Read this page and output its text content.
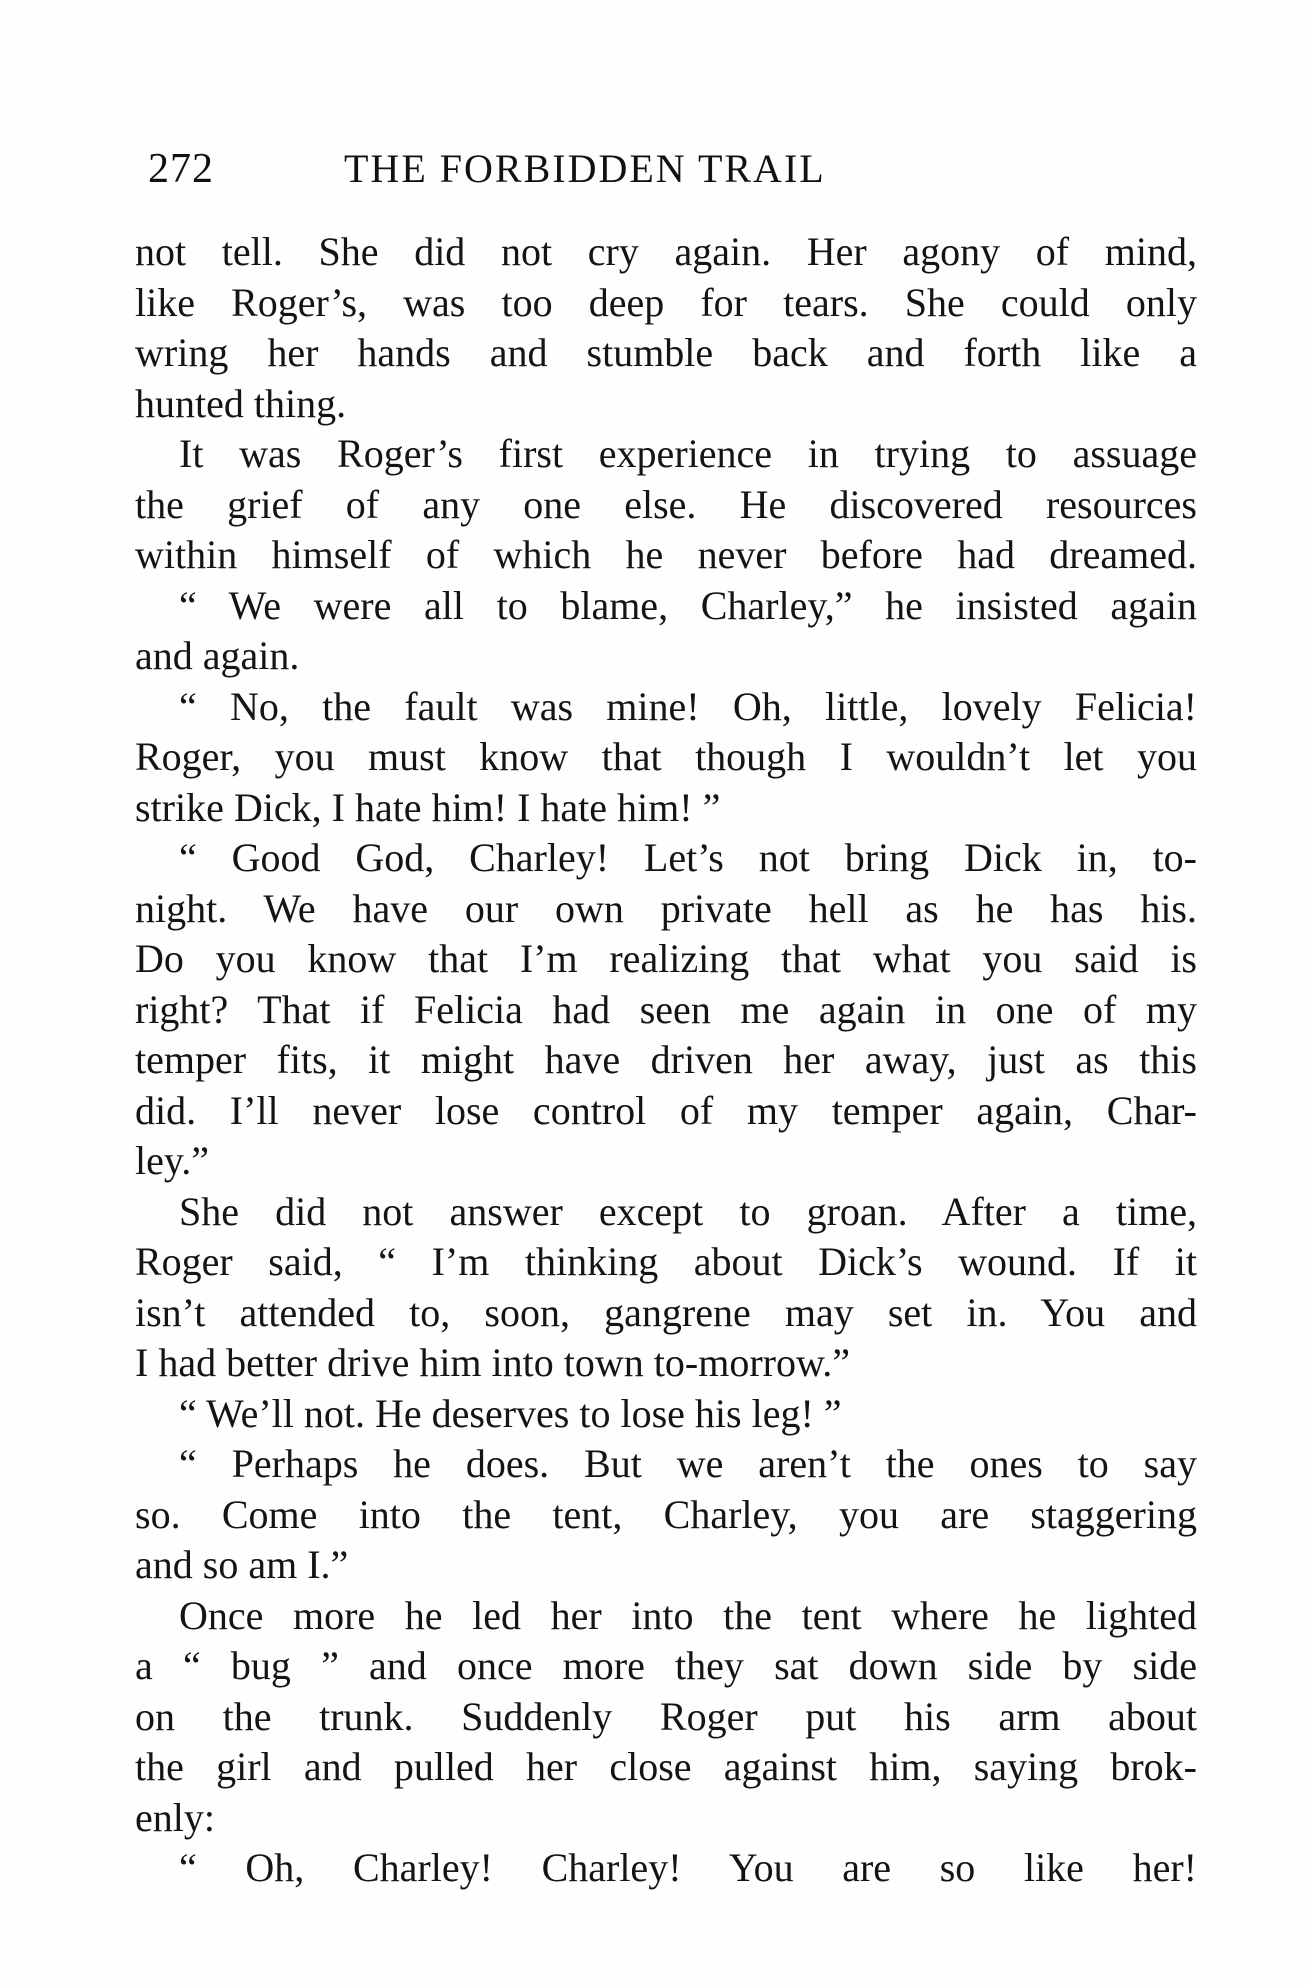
272	THE FORBIDDEN TRAIL
not tell. She did not cry again. Her agony of mind,
like Roger’s, was too deep for tears. She could only
wring her hands and stumble back and forth like a
hunted thing.
It was Roger’s first experience in trying to assuage
the grief of any one else. He discovered resources
within himself of which he never before had dreamed.
“ We were all to blame, Charley,” he insisted again
and again.
“ No, the fault was mine! Oh, little, lovely Felicia!
Roger, you must know that though I wouldn’t let you
strike Dick, I hate him! I hate him! ”
“ Good God, Charley! Let’s not bring Dick in, to-
night. We have our own private hell as he has his.
Do you know that I’m realizing that what you said is
right? That if Felicia had seen me again in one of my
temper fits, it might have driven her away, just as this
did. I’ll never lose control of my temper again, Char-
ley.”
She did not answer except to groan. After a time,
Roger said, “ I’m thinking about Dick’s wound. If it
isn’t attended to, soon, gangrene may set in. You and
I had better drive him into town to-morrow.”
“ We’ll not. He deserves to lose his leg! ”
“ Perhaps he does. But we aren’t the ones to say
so. Come into the tent, Charley, you are staggering
and so am I.”
Once more he led her into the tent where he lighted
a “ bug ” and once more they sat down side by side
on the trunk. Suddenly Roger put his arm about
the girl and pulled her close against him, saying brok-
enly:
“ Oh, Charley! Charley! You are so like her!
